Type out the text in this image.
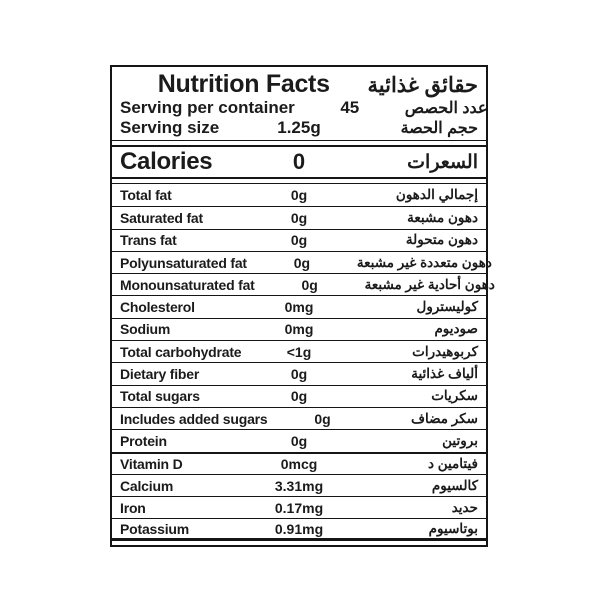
Nutrition Facts	حقائق غذائية
Serving per container	45	عدد الحصص
Serving size	1.25g	حجم الحصة
Calories	0	السعرات
Total fat	0g	إجمالي الدهون
Saturated fat	0g	دهون مشبعة
Trans fat	0g	دهون متحولة
Polyunsaturated fat	0g	دهون متعددة غير مشبعة
Monounsaturated fat	0g	دهون أحادية غير مشبعة
Cholesterol	0mg	كوليسترول
Sodium	0mg	صوديوم
Total carbohydrate	<1g	كربوهيدرات
Dietary fiber	0g	ألياف غذائية
Total sugars	0g	سكريات
Includes added sugars	0g	سكر مضاف
Protein	0g	بروتين
Vitamin D	0mcg	فيتامين د
Calcium	3.31mg	كالسيوم
Iron	0.17mg	حديد
Potassium	0.91mg	بوتاسيوم
